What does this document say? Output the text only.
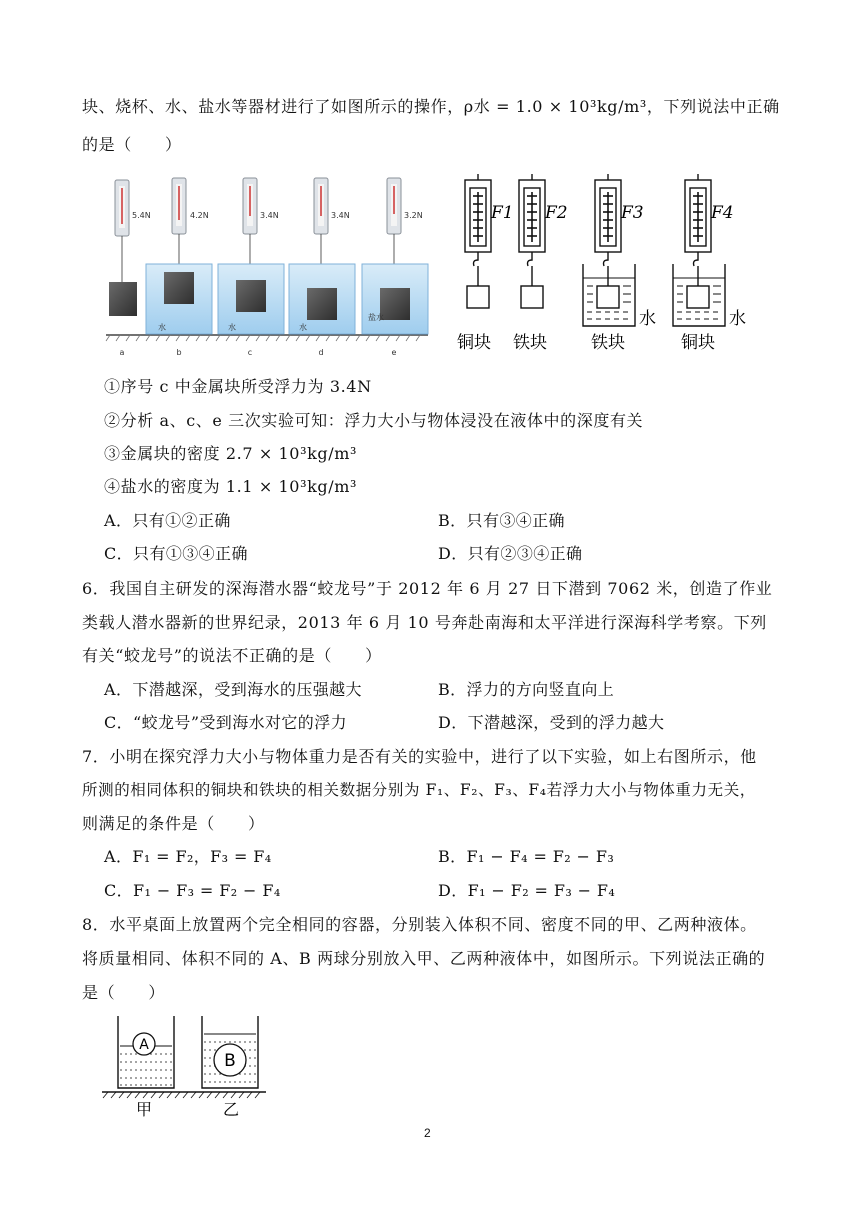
块、烧杯、水、盐水等器材进行了如图所示的操作，ρ水 = 1.0 × 10³kg/m³，下列说法中正确
的是（　　）
5.4N
a
4.2N
水
b
3.4N
水
c
3.4N
水
d
3.2N
盐水
e
F1 F2	F3	F4
水	水
铜块 铁块	铁块	铜块
①序号 c 中金属块所受浮力为 3.4N
②分析 a、c、e 三次实验可知：浮力大小与物体浸没在液体中的深度有关
③金属块的密度 2.7 × 10³kg/m³
④盐水的密度为 1.1 × 10³kg/m³
A．只有①②正确	B．只有③④正确
C．只有①③④正确	D．只有②③④正确
6．我国自主研发的深海潜水器“蛟龙号”于 2012 年 6 月 27 日下潜到 7062 米，创造了作业
类载人潜水器新的世界纪录，2013 年 6 月 10 号奔赴南海和太平洋进行深海科学考察。下列
有关“蛟龙号”的说法不正确的是（　　）
A．下潜越深，受到海水的压强越大	B．浮力的方向竖直向上
C．“蛟龙号”受到海水对它的浮力	D．下潜越深，受到的浮力越大
7．小明在探究浮力大小与物体重力是否有关的实验中，进行了以下实验，如上右图所示，他
所测的相同体积的铜块和铁块的相关数据分别为 F₁、F₂、F₃、F₄若浮力大小与物体重力无关，
则满足的条件是（　　）
A．F₁ = F₂，F₃ = F₄	B．F₁ − F₄ = F₂ − F₃
C．F₁ − F₃ = F₂ − F₄	D．F₁ − F₂ = F₃ − F₄
8．水平桌面上放置两个完全相同的容器，分别装入体积不同、密度不同的甲、乙两种液体。
将质量相同、体积不同的 A、B 两球分别放入甲、乙两种液体中，如图所示。下列说法正确的
是（　　）
A
B
甲	乙
2
